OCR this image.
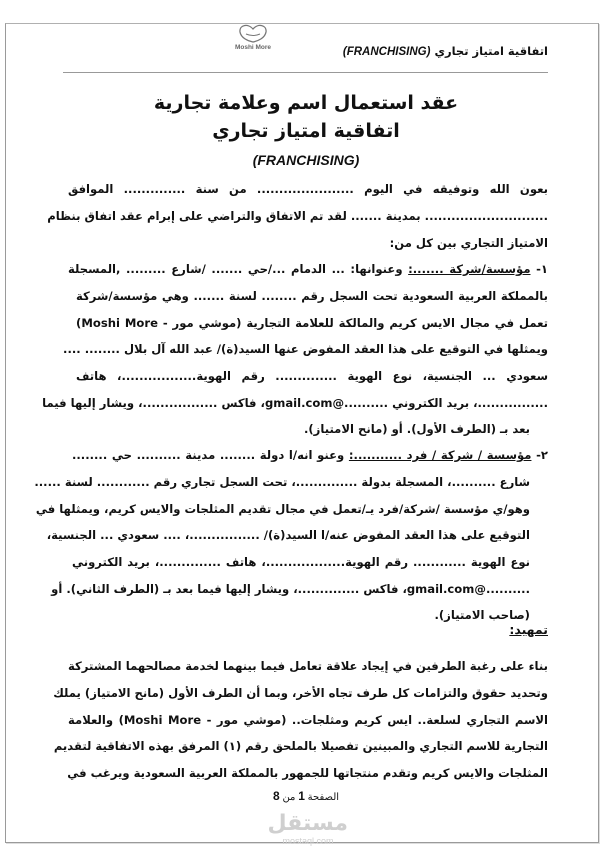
Moshi More	اتفاقية امتياز تجاري (FRANCHISING)
عقد استعمال اسم وعلامة تجارية
اتفاقية امتياز تجاري
(FRANCHISING)
بعون الله وتوفيقه في اليوم ...................... من سنة .............. الموافق
............................ بمدينة ....... لقد تم الاتفاق والتراضي على إبرام عقد اتفاق بنظام
الامتياز التجاري بين كل من:
١- مؤسسة/شركة .......: وعنوانها: ... الدمام .../حي ....... /شارع ......... ,المسجلة
بالمملكة العربية السعودية تحت السجل رقم ........ لسنة ....... وهي مؤسسة/شركة
تعمل في مجال الايس كريم والمالكة للعلامة التجارية (موشي مور - Moshi More)
ويمثلها في التوقيع على هذا العقد المفوض عنها السيد(ة)/ عبد الله آل بلال ........ ....
سعودي ... الجنسية، نوع الهوية .............. رقم الهوية.................، هاتف
................، بريد الكتروني ..........@gmail.com، فاكس .................، ويشار إليها فيما
بعد بـ (الطرف الأول). أو (مانح الامتياز).
٢- مؤسسة / شركة / فرد ...........: وعنو انه/ا دولة ........ مدينة .......... حي ........
شارع ..........، المسجلة بدولة ..............، تحت السجل تجاري رقم ............ لسنة ......
وهو/ي مؤسسة /شركة/فرد يـ/تعمل في مجال تقديم المثلجات والايس كريم، ويمثلها في
التوقيع على هذا العقد المفوض عنه/ا السيد(ة)/ ................، .... سعودي ... الجنسية،
نوع الهوية ............ رقم الهوية..................، هاتف ..............، بريد الكتروني
..........@gmail.com، فاكس ..............، ويشار إليها فيما بعد بـ (الطرف الثاني). أو
(صاحب الامتياز).
تمهيد:
بناء على رغبة الطرفين في إيجاد علاقة تعامل فيما بينهما لخدمة مصالحهما المشتركة
وتحديد حقوق والتزامات كل طرف تجاه الأخر، وبما أن الطرف الأول (مانح الامتياز) يملك
الاسم التجاري لسلعة.. ايس كريم ومثلجات.. (موشي مور - Moshi More) والعلامة
التجارية للاسم التجاري والمبينين تفصيلا بالملحق رقم (١) المرفق بهذه الاتفاقية لتقديم
المثلجات والايس كريم وتقدم منتجاتها للجمهور بالمملكة العربية السعودية ويرغب في
الصفحة 1 من 8
مستقل
mostaql.com
